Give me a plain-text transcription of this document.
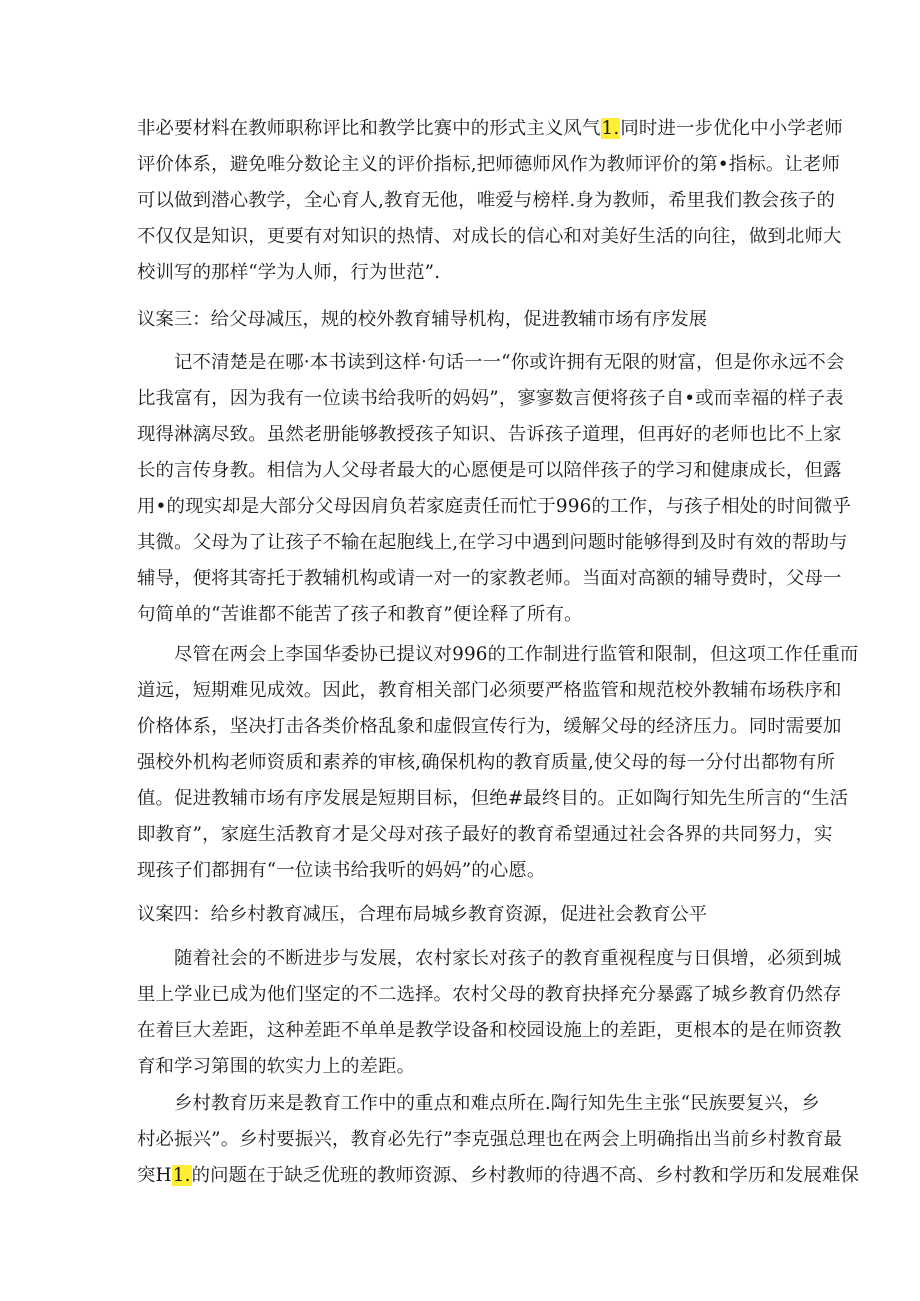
非必要材料在教师职称评比和教学比赛中的形式主义风气1.同时进一步优化中小学老师
评价体系，避免唯分数论主义的评价指标,把师德师风作为教师评价的第•指标。让老师
可以做到潜心教学，全心育人,教育无他，唯爱与榜样.身为教师，希里我们教会孩子的
不仅仅是知识，更要有对知识的热情、对成长的信心和对美好生活的向往，做到北师大
校训写的那样“学为人师，行为世范”.
议案三：给父母减压，规的校外教育辅导机构，促进教辅市场有序发展
记不清楚是在哪·本书读到这样·句话一一“你或许拥有无限的财富，但是你永远不会
比我富有，因为我有一位读书给我听的妈妈”，寥寥数言便将孩子自•或而幸福的样子表
现得淋漓尽致。虽然老册能够教授孩子知识、告诉孩子道理，但再好的老师也比不上家
长的言传身教。相信为人父母者最大的心愿便是可以陪伴孩子的学习和健康成长，但露
用•的现实却是大部分父母因肩负若家庭责任而忙于996的工作，与孩子相处的时间微乎
其微。父母为了让孩子不输在起胞线上,在学习中遇到问题时能够得到及时有效的帮助与
辅导，便将其寄托于教辅机构或请一对一的家教老师。当面对高额的辅导费时，父母一
句简单的“苦谁都不能苦了孩子和教育”便诠释了所有。
尽管在两会上李国华委协已提议对996的工作制进行监管和限制，但这项工作任重而
道远，短期难见成效。因此，教育相关部门必须要严格监管和规范校外教辅布场秩序和
价格体系，坚决打击各类价格乱象和虚假宣传行为，缓解父母的经济压力。同时需要加
强校外机构老师资质和素养的审核,确保机构的教育质量,使父母的每一分付出都物有所
值。促进教辅市场有序发展是短期目标，但绝#最终目的。正如陶行知先生所言的“生活
即教育”，家庭生活教育才是父母对孩子最好的教育希望通过社会各界的共同努力，实
现孩子们都拥有“一位读书给我听的妈妈”的心愿。
议案四：给乡村教育减压，合理布局城乡教育资源，促进社会教育公平
随着社会的不断进步与发展，农村家长对孩子的教育重视程度与日俱增，必须到城
里上学业已成为他们坚定的不二选择。农村父母的教育抉择充分暴露了城乡教育仍然存
在着巨大差距，这种差距不单单是教学设备和校园设施上的差距，更根本的是在师资教
育和学习第围的软实力上的差距。
乡村教育历来是教育工作中的重点和难点所在.陶行知先生主张“民族要复兴，乡
村必振兴”。乡村要振兴，教育必先行”李克强总理也在两会上明确指出当前乡村教育最
突H1.的问题在于缺乏优班的教师资源、乡村教师的待遇不高、乡村教和学历和发展难保
